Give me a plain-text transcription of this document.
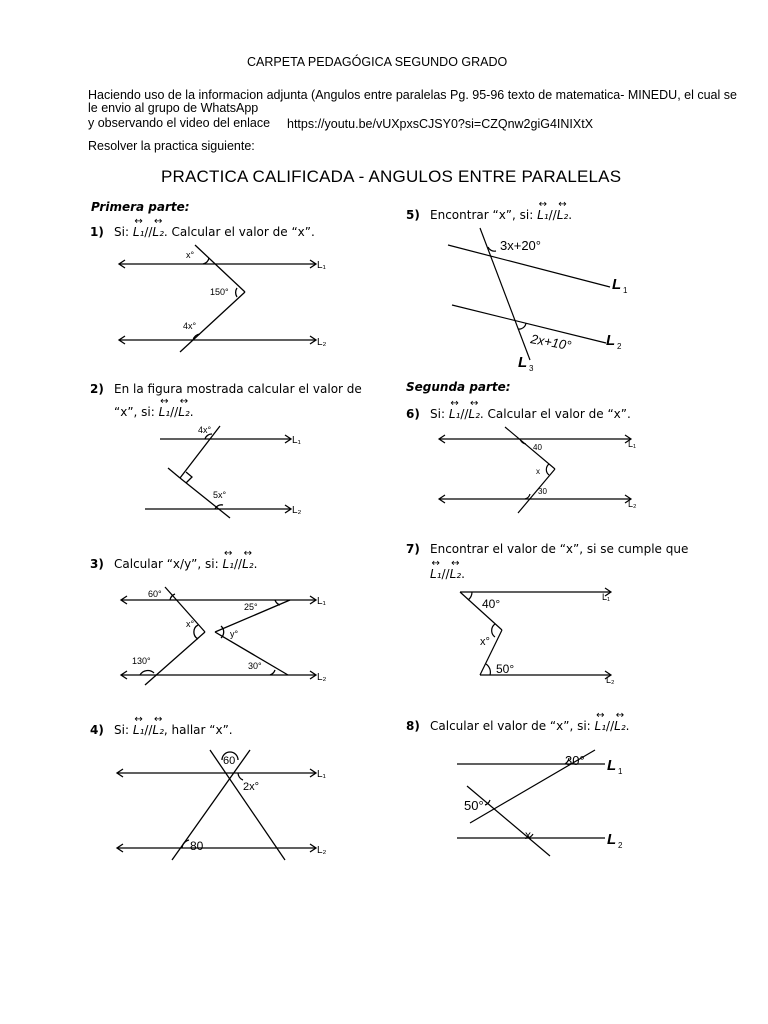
CARPETA PEDAGÓGICA SEGUNDO GRADO
Haciendo uso de la informacion adjunta (Angulos entre paralelas Pg. 95-96 texto de matematica- MINEDU, el cual se
le envio al grupo de WhatsApp
y observando el video del enlace https://youtu.be/vUXpxsCJSY0?si=CZQnw2giG4INIXtX
Resolver la practica siguiente:
PRACTICA CALIFICADA - ANGULOS ENTRE PARALELAS
Primera parte:
Segunda parte:
1) Si: ↔ L₁//↔ L₂. Calcular el valor de “x”.
x°
150°
4x°
L₁
L₂
2) En la figura mostrada calcular el valor de
“x”, si: ↔ L₁//↔ L₂.
4x°
5x°
L₁
L₂
3) Calcular “x/y”, si: ↔ L₁//↔ L₂.
60°
25°
x°
y°
130°	30°
L₁
L₂
4) Si: ↔ L₁//↔ L₂, hallar “x”.
60
2x°
80
L₁
L₂
5) Encontrar “x”, si: ↔ L₁//↔ L₂.
3x+20°
2x+10°
L 1
L 2
L 3
6) Si: ↔ L₁//↔ L₂. Calcular el valor de “x”.
40
x
30
L₁
L₂
7) Encontrar el valor de “x”, si se cumple que
↔ L₁//↔ L₂.
40°
x°
50°
L₁
L₂
8) Calcular el valor de “x”, si: ↔ L₁//↔ L₂.
30°
50°
x
L 1
L 2
